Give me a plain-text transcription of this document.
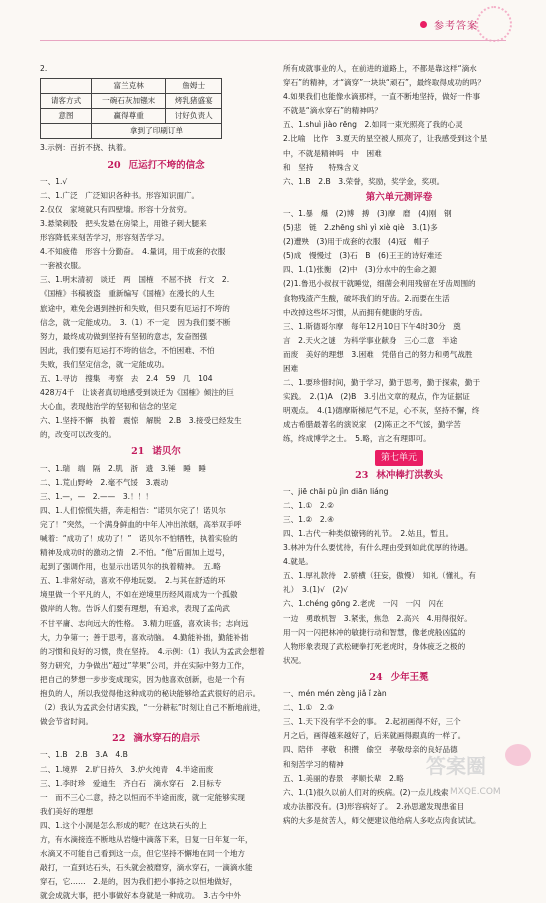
参考答案
2.
	富兰克林	詹姆士
请客方式	一碗石灰加镪末	烤乳猪盛宴
意图	赢得尊重	讨好负责人
	拿到了印刷订单	
3.示例：百折不挠、执着。
20 厄运打不垮的信念
一、1.√
二、1.广泛　广泛知识各种书。形容知识面广。
2.仅仅　家境就只有四壁墙。形容十分贫穷。
3.悬梁刺股　把头发悬在房梁上，用锥子刺大腿来
形容降低来刻苦学习，形容刻苦学习。
4.不知疲倦　形容十分勤奋。　4.量词，用于成套的衣服
一套被衣服。
三、1.明末清初　谈迁　两　国榷　不屈不挠　行文　2.
《国榷》书稿被盗　重新编写《国榷》在漫长的人生
旅途中，难免会遇到挫折和失败，但只要有厄运打不垮的
信念，就一定能成功。　3.（1）不一定　因为我们要不断
努力，最终成功做到坚持有坚韧的意志，发奋图强
因此，我们要有厄运打不垮的信念，不怕困难、不怕
失败，我们坚定信念，就一定能成功。
五、1.寻访　搜集　考察　去　2.4　59　几　104
428万4千　让谈者真切地感受到谈迁为《国榷》倾注的巨
大心血，表现他治学的坚韧和信念的坚定
六、1.坚持不懈　执着　震惊　解脱　2.B　3.接受已经发生
的，改变可以改变的。
21 诺贝尔
一、1.瑞　端　隔　2.肌　浙　遗　3.锤　睡　睡
二、1.荒山野岭　2.毫不气馁　3.震动
三、1.—，—　2.——　3.！！！
四、1.人们惊慌失措，奔走相告：“诺贝尔完了！诺贝尔
完了！”突然，一个满身鲜血的中年人冲出浓烟，高举双手呼
喊着：“成功了！成功了！”　诺贝尔不怕牺牲，执着实验的
精神及成功时的激动之情　2.不怕。“他”后面加上逗号，
起到了强调作用，也显示出诺贝尔的执着精神。　五.略
五、1.非常好动，喜欢不停地玩耍。　2.与其在舒适的环
境里做一个平凡的人，不如在逆境里历经风雨成为一个孤傲
傲岸的人物。告诉人们要有理想，有追求，表现了孟尚武
不甘平庸、志向远大的性格。　3.精力旺盛，喜欢读书；志向远
大，力争第一；善于思考，喜欢动脑。　4.勤能补拙，勤能补拙
的习惯和良好的习惯，贵在坚持。　4.示例：（1）我认为孟武会想着
努力研究，力争做出“超过”苹果”公司，并在实际中努力工作，
把自己的梦想一步步变成现实，因为他喜欢创新，也是一个有
抱负的人，所以我觉得他这种成功的秘诀能够给孟武很好的启示。
（2）我认为孟武会付诸实践，“一分耕耘”时刻让自己不断地前进，
做会节省时间。
22 滴水穿石的启示
一、1.B　2.B　3.A　4.B
二、1.境界　2.旷日持久　3.炉火纯青　4.半途而废
三、1.李时珍　爱迪生　齐白石　滴水穿石　2.目标专
一　而不三心二意，持之以恒而不半途而废，就一定能够实现
我们美好的理想
四、1.这个小洞是怎么形成的呢？在这块石头的上
方，有水滴接连不断地从岩缝中滴落下来，日复一日年复一年，
水滴又不可能自己看到这一点，但它坚持不懈地在同一个地方
敲打，一直到达石头，石头就会被磨穿，滴水穿石，一滴滴水能
穿石，它……　2.是的，因为我们把小事持之以恒地做好，
就会成就大事，把小事做好本身就是一种成功。　3.古今中外
所有成就事业的人，在前进的道路上，不都是靠这样“滴水
穿石”的精神，才“滴穿”一块块“顽石”，最终取得成功的吗？
4.如果我们也能像水滴那样，一直不断地坚持，做好一件事
不就是“滴水穿石”的精神吗？
五、1.shuì jiào rēng　2.如同一束光照亮了我的心灵
2.比喻　比作　3.夏天的星空被人照亮了，让我感受到这个星
中，不就是精神吗　中　困难
和　坚持　　特殊含义
六、1.B　2.B　3.荣誉，奖励，奖学金，奖项。
第六单元测评卷
一、1.暴　爆　(2)博　搏　(3)摩　磨　(4)刚　钢
(5)悲　链　2.zhēng shì yì xiè qiè　3.(1)多
(2)遭殃　(3)用于成套的衣服　(4)冠　帽子
(5)成　慢慢过　(3)石　B　(6)王王的诗好难还
四、1.(1)张衡　(2)中　(3)分水中的生命之源
(2)1.鲁迅小叔叔干就睡觉，细菌会利用残留在牙齿周围的
食物残渣产生酸，破坏我们的牙齿。2.而要在生活
中改掉这些坏习惯，从而拥有健康的牙齿。
三、1.斯德哥尔摩　每年12月10日下午4时30分　奠
言　2.天火之谜　为科学事业献身　三心二意　半途
而废　美好的理想　3.困难　凭借自己的努力和勇气战胜
困难
二、1.要珍惜时间，勤于学习，勤于思考，勤于探索，勤于
实践。　2.(1)A　(2)B　3.引出文章的观点，作为证据证
明观点。　4.(1)德摩斯梯尼气不足，心不灰，坚持不懈，终
成古希腊最著名的演说家　(2)陈正之不气馁，勤学苦
练，终成博学之士。　5.略，言之有理即可。
第七单元
23 林冲棒打洪教头
一、jiē chāi pù jìn diān liáng
二、1.①　2.②
三、1.②　2.④
四、1.古代一种类似镣铐的礼节。　2.姑且，暂且。
3.林冲为什么要忧待，有什么理由受到如此优厚的待遇。
4.就是。
五、1.厚礼款待　2.骄横（狂妄，傲慢）　知礼（懂礼，有
礼）　3.(1)√　(2)√
六、1.chéng gōng 2.老虎　一闪　一闪　闪在
一边　勇敢机智　3.紧张，焦急　2.高兴　4.用得很好。
用一闪一闪把林冲的敏捷行动和智慧，像老虎般凶猛的
人物形象表现了武松硬拳打死老虎时，身体疲乏之极的
状况。
24 少年王冕
一、mén mén zèng jiǎ ǐ zàn
二、1.①　2.③
三、1.天下没有学不会的事。　2.起初画得不好，三个
月之后，画得越来越好了，后来就画得跟真的一样了。
四、陪伴　孝敬　积攒　偷空　孝敬母亲的良好品德
和刻苦学习的精神
五、1.美丽的春景　孝顺长辈　2.略
六、1.(1)很久以前人们对的疾病。(2)一点儿线索
或办法都没有。(3)形容病好了。　2.孙思邈发现患雀目
病的大多是贫苦人，师父便建议他给病人多吃点肉食试试。
答案圈
MXQE.COM
